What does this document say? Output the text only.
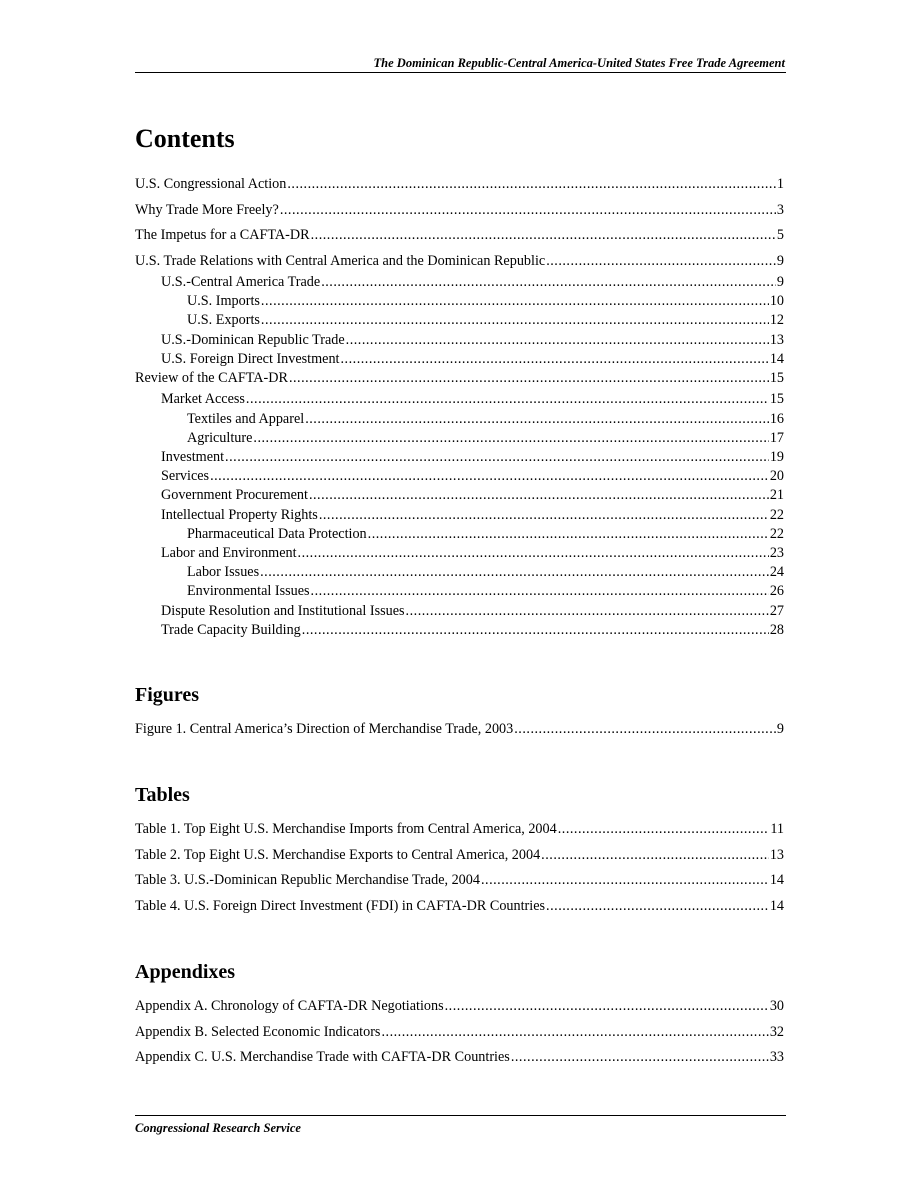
The Dominican Republic-Central America-United States Free Trade Agreement
Contents
U.S. Congressional Action .....	1
Why Trade More Freely? .....	3
The Impetus for a CAFTA-DR .....	5
U.S. Trade Relations with Central America and the Dominican Republic .....	9
U.S.-Central America Trade .....	9
U.S. Imports .....	10
U.S. Exports .....	12
U.S.-Dominican Republic Trade .....	13
U.S. Foreign Direct Investment .....	14
Review of the CAFTA-DR .....	15
Market Access .....	15
Textiles and Apparel .....	16
Agriculture .....	17
Investment .....	19
Services .....	20
Government Procurement .....	21
Intellectual Property Rights .....	22
Pharmaceutical Data Protection .....	22
Labor and Environment .....	23
Labor Issues .....	24
Environmental Issues .....	26
Dispute Resolution and Institutional Issues .....	27
Trade Capacity Building .....	28
Figures
Figure 1. Central America’s Direction of Merchandise Trade, 2003 .....	9
Tables
Table 1. Top Eight U.S. Merchandise Imports from Central America, 2004 .....	11
Table 2. Top Eight U.S. Merchandise Exports to Central America, 2004 .....	13
Table 3. U.S.-Dominican Republic Merchandise Trade, 2004 .....	14
Table 4. U.S. Foreign Direct Investment (FDI) in CAFTA-DR Countries .....	14
Appendixes
Appendix A. Chronology of CAFTA-DR Negotiations .....	30
Appendix B. Selected Economic Indicators .....	32
Appendix C. U.S. Merchandise Trade with CAFTA-DR Countries .....	33
Congressional Research Service
